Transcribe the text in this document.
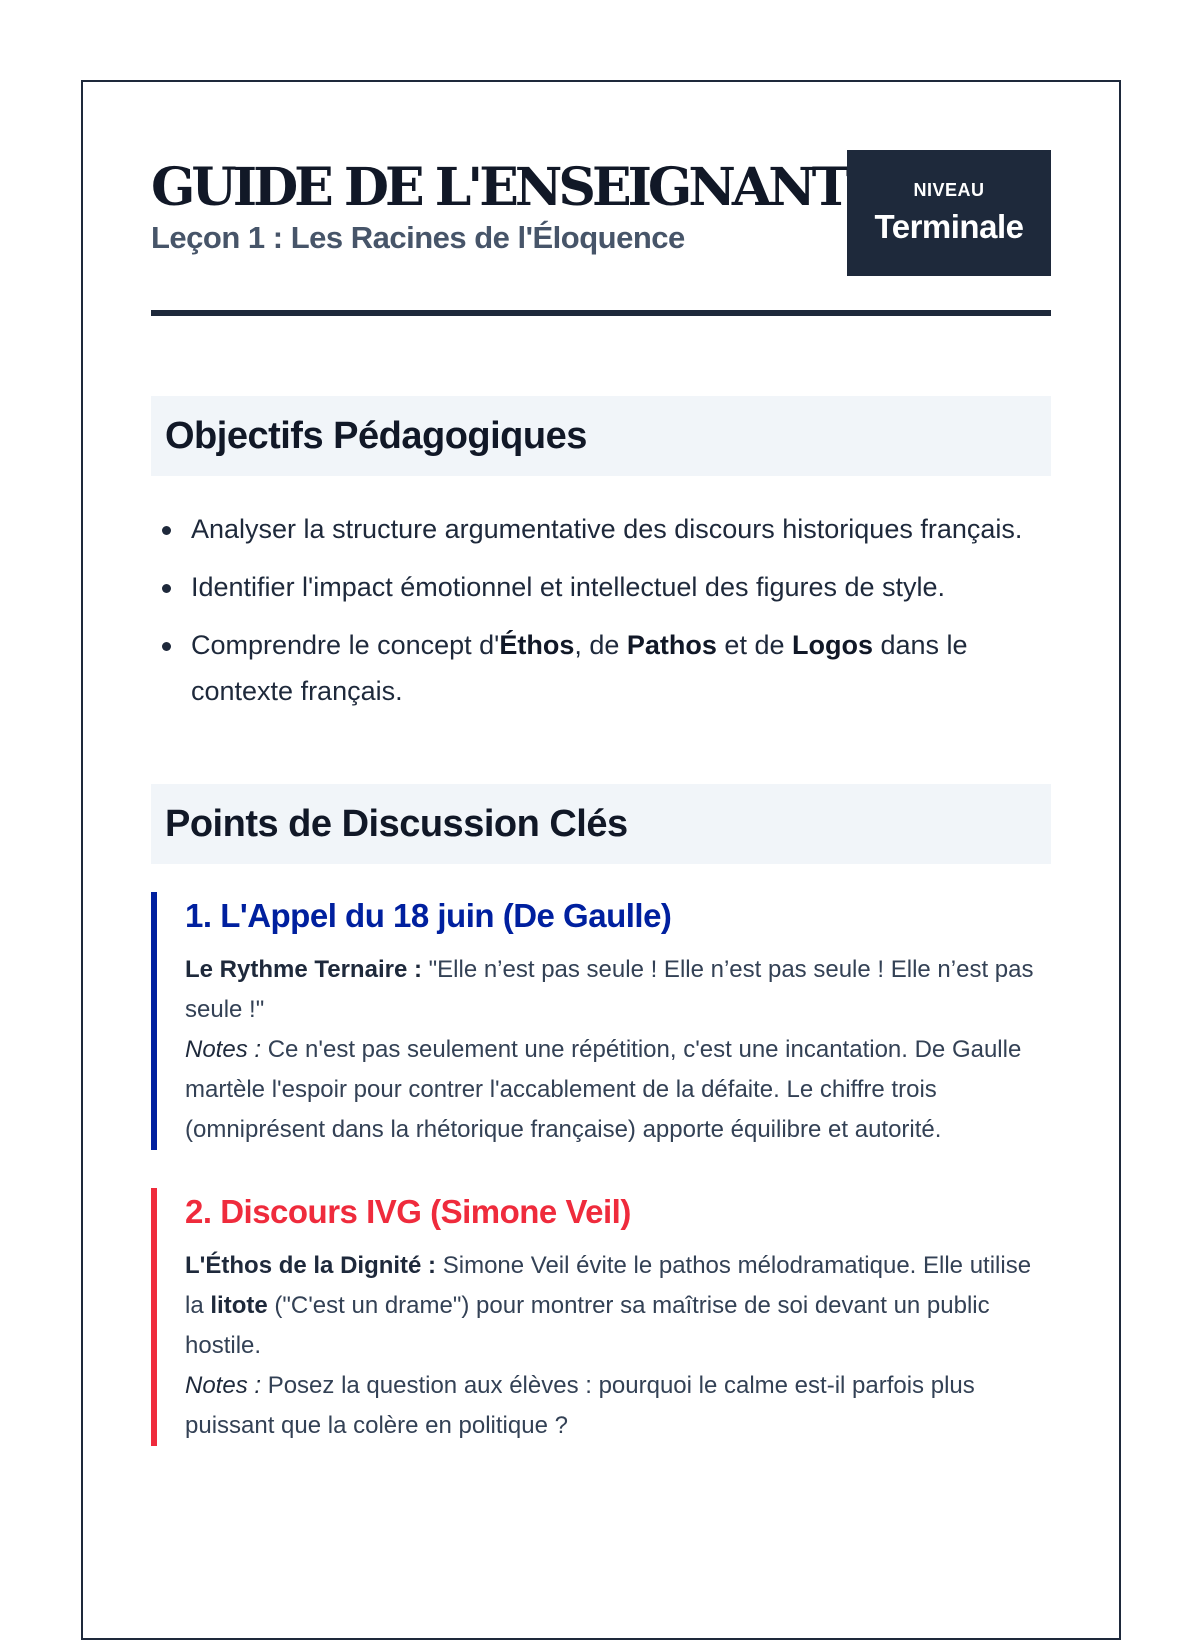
GUIDE DE L'ENSEIGNANT
Leçon 1 : Les Racines de l'Éloquence
NIVEAU
Terminale
Objectifs Pédagogiques
Analyser la structure argumentative des discours historiques français.
Identifier l'impact émotionnel et intellectuel des figures de style.
Comprendre le concept d'Éthos, de Pathos et de Logos dans le contexte français.
Points de Discussion Clés
1. L'Appel du 18 juin (De Gaulle)
Le Rythme Ternaire : "Elle n’est pas seule ! Elle n’est pas seule ! Elle n’est pas seule !"
Notes : Ce n'est pas seulement une répétition, c'est une incantation. De Gaulle martèle l'espoir pour contrer l'accablement de la défaite. Le chiffre trois (omniprésent dans la rhétorique française) apporte équilibre et autorité.
2. Discours IVG (Simone Veil)
L'Éthos de la Dignité : Simone Veil évite le pathos mélodramatique. Elle utilise la litote ("C'est un drame") pour montrer sa maîtrise de soi devant un public hostile.
Notes : Posez la question aux élèves : pourquoi le calme est-il parfois plus puissant que la colère en politique ?
